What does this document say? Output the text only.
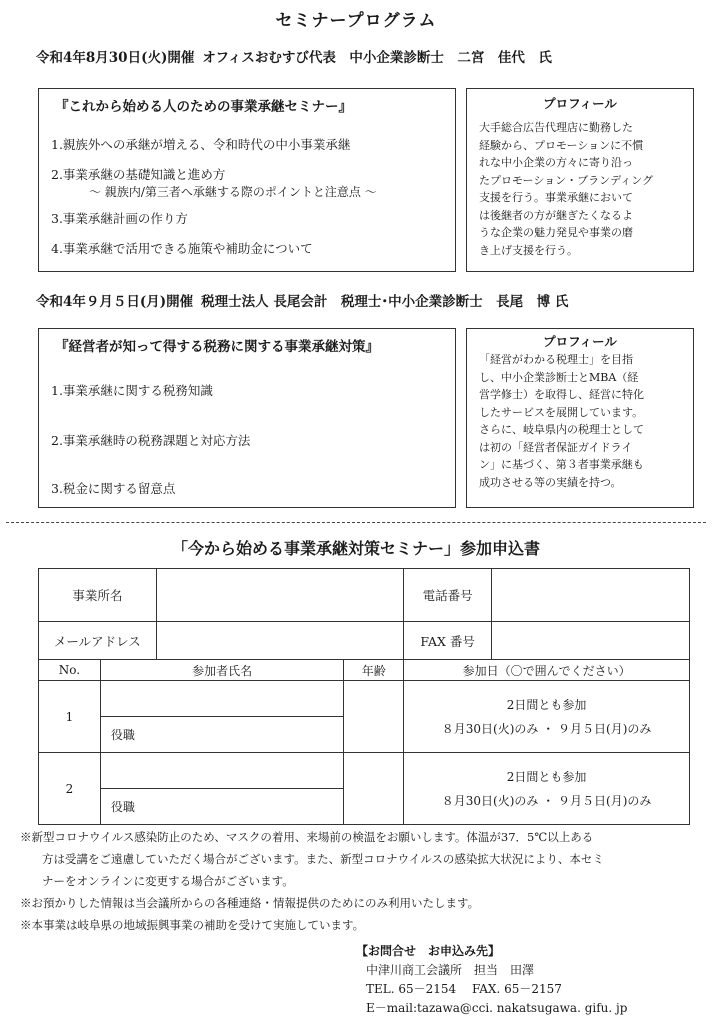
セミナープログラム
令和4年8月30日(火)開催 オフィスおむすび代表　中小企業診断士　二宮　佳代　氏
『これから始める人のための事業承継セミナー』
1.親族外への承継が増える、令和時代の中小事業承継
2.事業承継の基礎知識と進め方
～ 親族内/第三者へ承継する際のポイントと注意点 ～
3.事業承継計画の作り方
4.事業承継で活用できる施策や補助金について
プロフィール
大手総合広告代理店に勤務した
経験から、プロモーションに不慣
れな中小企業の方々に寄り沿っ
たプロモーション・ブランディング
支援を行う。事業承継において
は後継者の方が継ぎたくなるよ
うな企業の魅力発見や事業の磨
き上げ支援を行う。
令和4年９月５日(月)開催 税理士法人 長尾会計　税理士･中小企業診断士　長尾　博 氏
『経営者が知って得する税務に関する事業承継対策』
1.事業承継に関する税務知識
2.事業承継時の税務課題と対応方法
3.税金に関する留意点
プロフィール
「経営がわかる税理士」を目指
し、中小企業診断士とMBA（経
営学修士）を取得し、経営に特化
したサービスを展開しています。
さらに、岐阜県内の税理士として
は初の「経営者保証ガイドライ
ン」に基づく、第３者事業承継も
成功させる等の実績を持つ。
「今から始める事業承継対策セミナー」参加申込書
事業所名				電話番号

メールアドレス				FAX 番号

No.	参加者氏名		年齢	参加日（〇で囲んでください）
1				2日間とも参加
８月30日(火)のみ ・ ９月５日(月)のみ

	役職			
2				2日間とも参加
８月30日(火)のみ ・ ９月５日(月)のみ

	役職			
※新型コロナウイルス感染防止のため、マスクの着用、来場前の検温をお願いします。体温が37．5℃以上ある
方は受講をご遠慮していただく場合がございます。また、新型コロナウイルスの感染拡大状況により、本セミ
ナーをオンラインに変更する場合がございます。
※お預かりした情報は当会議所からの各種連絡・情報提供のためにのみ利用いたします。
※本事業は岐阜県の地域振興事業の補助を受けて実施しています。
【お問合せ　お申込み先】
中津川商工会議所　担当　田澤
TEL. 65－2154　 FAX. 65－2157
E－mail:tazawa@cci. nakatsugawa. gifu. jp
